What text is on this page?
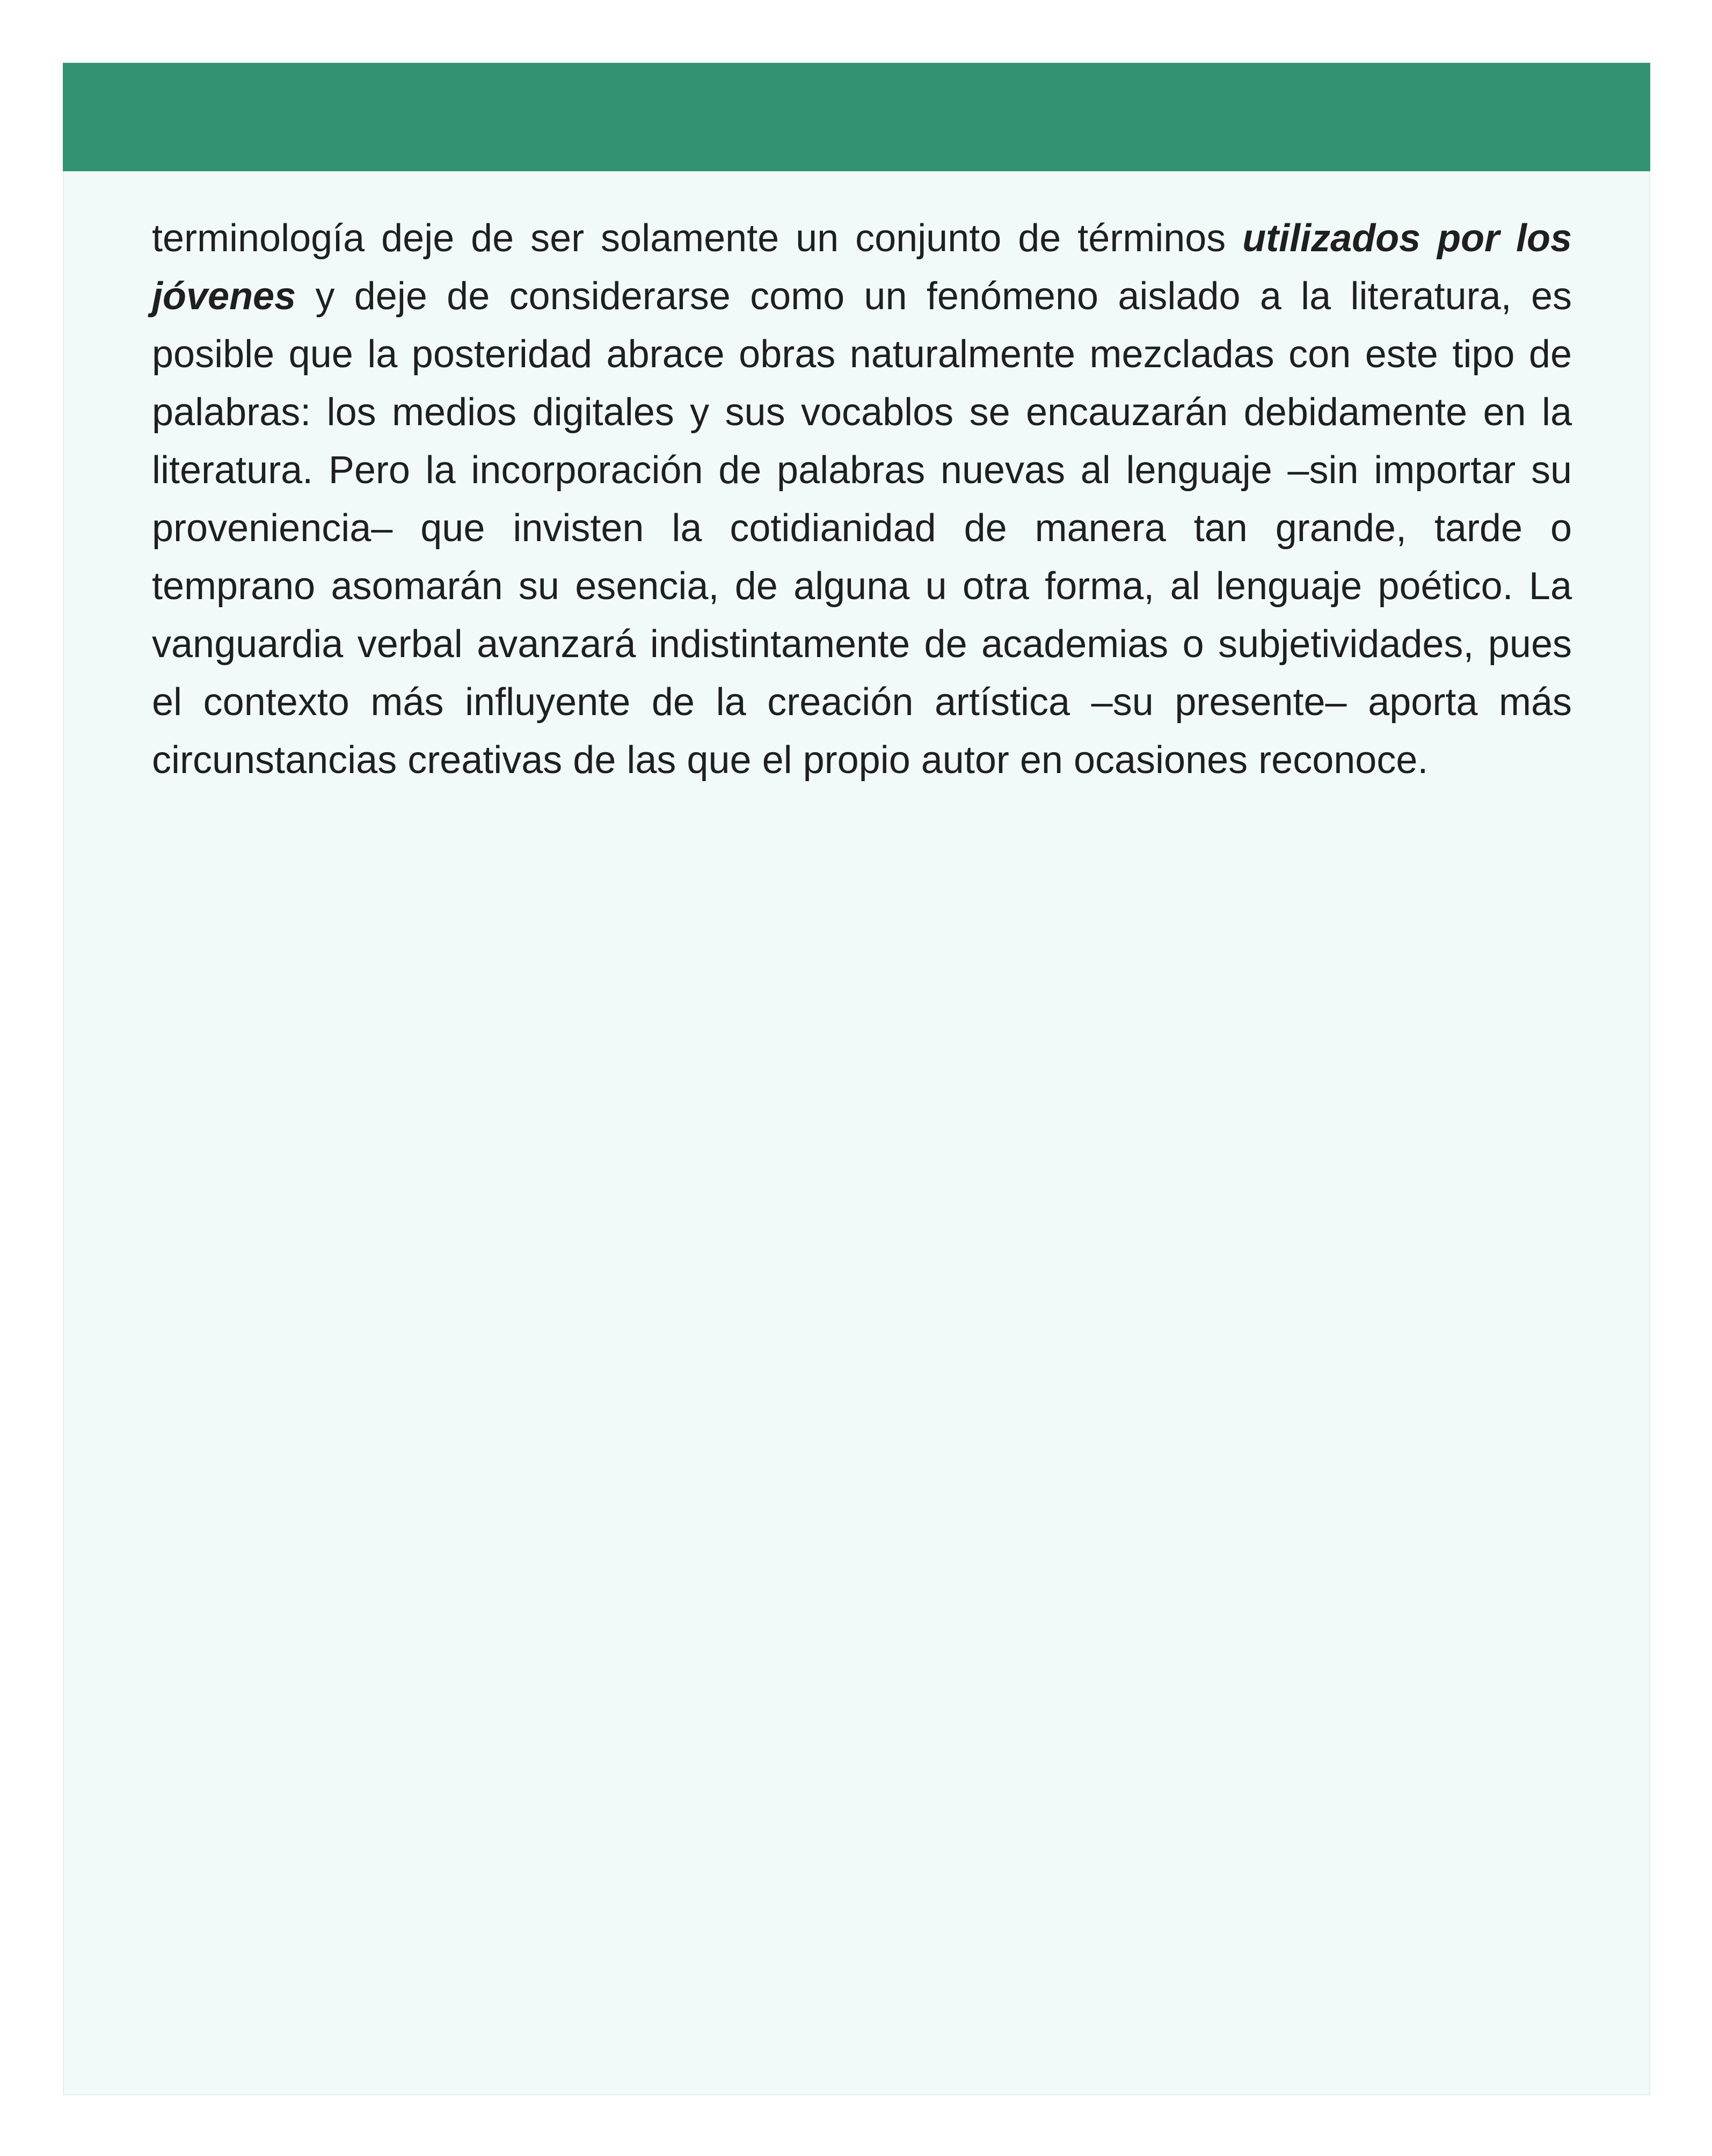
terminología deje de ser solamente un conjunto de términos utilizados por los jóvenes y deje de considerarse como un fenómeno aislado a la literatura, es posible que la posteridad abrace obras naturalmente mezcladas con este tipo de palabras: los medios digitales y sus vocablos se encauzarán debidamente en la literatura. Pero la incorporación de palabras nuevas al lenguaje –sin importar su proveniencia– que invisten la cotidianidad de manera tan grande, tarde o temprano asomarán su esencia, de alguna u otra forma, al lenguaje poético. La vanguardia verbal avanzará indistintamente de academias o subjetividades, pues el contexto más influyente de la creación artística –su presente– aporta más circunstancias creativas de las que el propio autor en ocasiones reconoce.
